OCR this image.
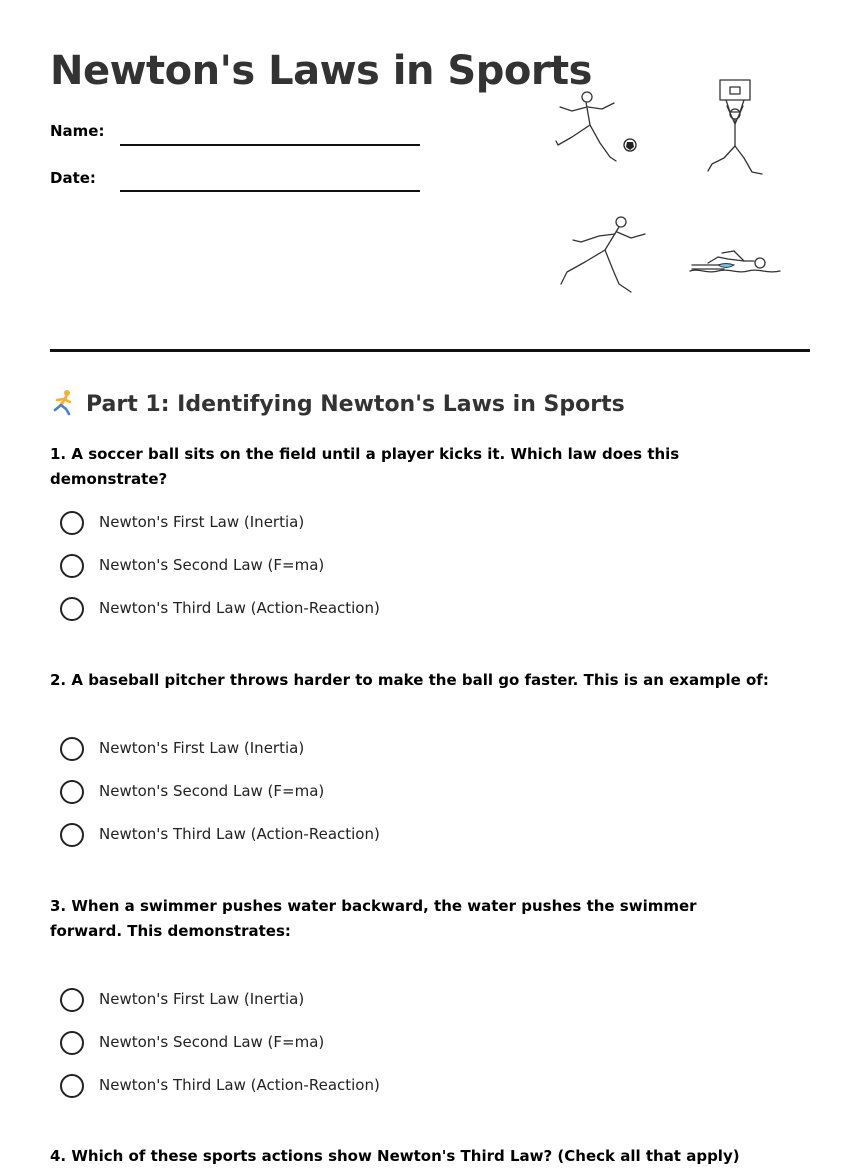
Newton's Laws in Sports
Name:
Date:
Part 1: Identifying Newton's Laws in Sports

1. A soccer ball sits on the field until a player kicks it. Which law does this demonstrate?

Newton's First Law (Inertia)
Newton's Second Law (F=ma)
Newton's Third Law (Action-Reaction)

2. A baseball pitcher throws harder to make the ball go faster. This is an example of:

Newton's First Law (Inertia)
Newton's Second Law (F=ma)
Newton's Third Law (Action-Reaction)

3. When a swimmer pushes water backward, the water pushes the swimmer forward. This demonstrates:

Newton's First Law (Inertia)
Newton's Second Law (F=ma)
Newton's Third Law (Action-Reaction)

4. Which of these sports actions show Newton's Third Law? (Check all that apply)
